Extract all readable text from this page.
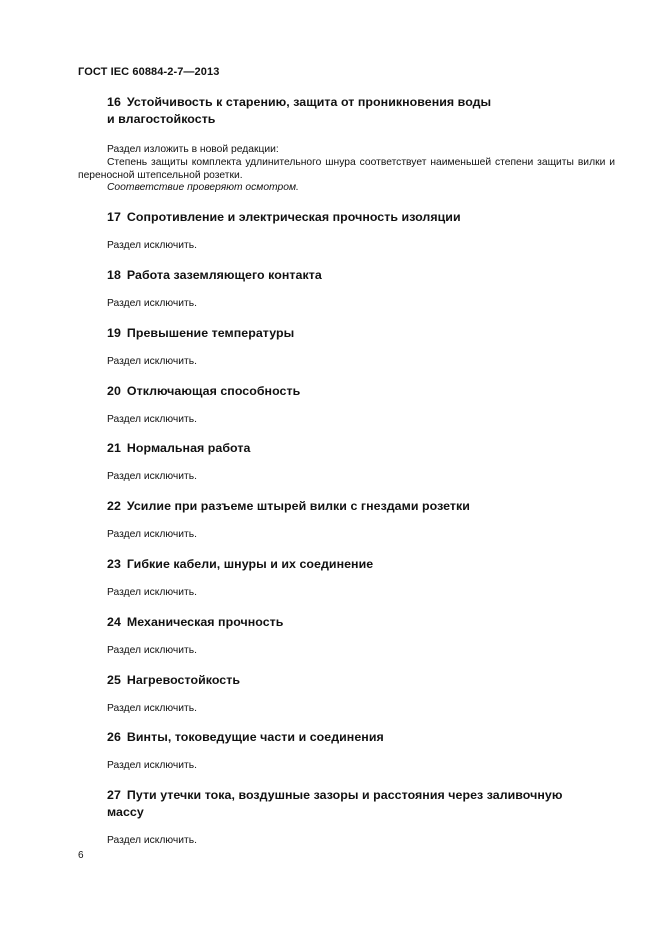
ГОСТ IEC 60884-2-7—2013
16 Устойчивость к старению, защита от проникновения воды
и влагостойкость

Раздел изложить в новой редакции:

Степень защиты комплекта удлинительного шнура соответствует наименьшей степени защиты вилки и переносной штепсельной розетки.

Соответствие проверяют осмотром.

17 Сопротивление и электрическая прочность изоляции

Раздел исключить.

18 Работа заземляющего контакта

Раздел исключить.

19 Превышение температуры

Раздел исключить.

20 Отключающая способность

Раздел исключить.

21 Нормальная работа

Раздел исключить.

22 Усилие при разъеме штырей вилки с гнездами розетки

Раздел исключить.

23 Гибкие кабели, шнуры и их соединение

Раздел исключить.

24 Механическая прочность

Раздел исключить.

25 Нагревостойкость

Раздел исключить.

26 Винты, токоведущие части и соединения

Раздел исключить.

27 Пути утечки тока, воздушные зазоры и расстояния через заливочную
массу

Раздел исключить.

6
